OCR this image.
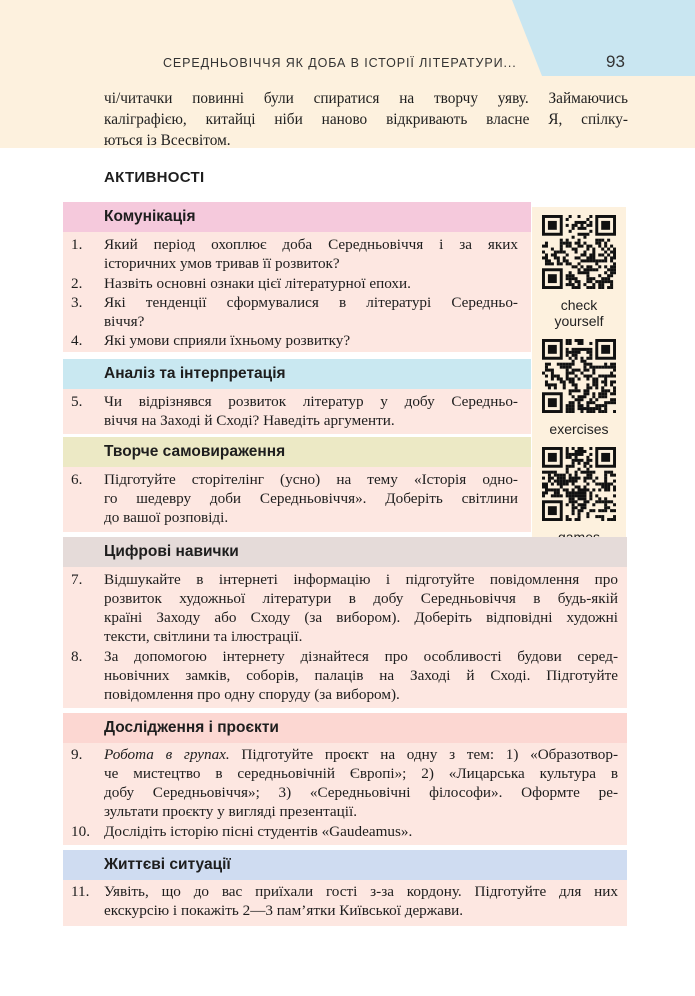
СЕРЕДНЬОВІЧЧЯ ЯК ДОБА В ІСТОРІЇ ЛІТЕРАТУРИ...	93
чі/читачки повинні були спиратися на творчу уяву. Займаючись
каліграфією, китайці ніби наново відкривають власне Я, спілку-
ються із Всесвітом.
АКТИВНОСТІ
check
yourself
exercises
Комунікація
1.	Який період охоплює доба Середньовіччя і за яких
історичних умов тривав її розвиток?
2.	Назвіть основні ознаки цієї літературної епохи.
3.	Які тенденції сформувалися в літературі Середньо-
віччя?
4.	Які умови сприяли їхньому розвитку?
Аналіз та інтерпретація
5.	Чи відрізнявся розвиток літератур у добу Середньо-
віччя на Заході й Сході? Наведіть аргументи.
Творче самовираження
6.	Підготуйте сторітелінг (усно) на тему «Історія одно-
го шедевру доби Середньовіччя». Доберіть світлини
до вашої розповіді.
Цифрові навички
7.	Відшукайте в інтернеті інформацію і підготуйте повідомлення про
розвиток художньої літератури в добу Середньовіччя в будь-якій
країні Заходу або Сходу (за вибором). Доберіть відповідні художні
тексти, світлини та ілюстрації.
8.	За допомогою інтернету дізнайтеся про особливості будови серед-
ньовічних замків, соборів, палаців на Заході й Сході. Підготуйте
повідомлення про одну споруду (за вибором).
Дослідження і проєкти
9.	Робота в групах. Підготуйте проєкт на одну з тем: 1) «Образотвор-
че мистецтво в середньовічній Європі»; 2) «Лицарська культура в
добу Середньовіччя»; 3) «Середньовічні філософи». Оформте ре-
зультати проєкту у вигляді презентації.
10. Дослідіть історію пісні студентів «Gaudeamus».
Життєві ситуації
11. Уявіть, що до вас приїхали гості з-за кордону. Підготуйте для них
екскурсію і покажіть 2—3 пам’ятки Київської держави.
